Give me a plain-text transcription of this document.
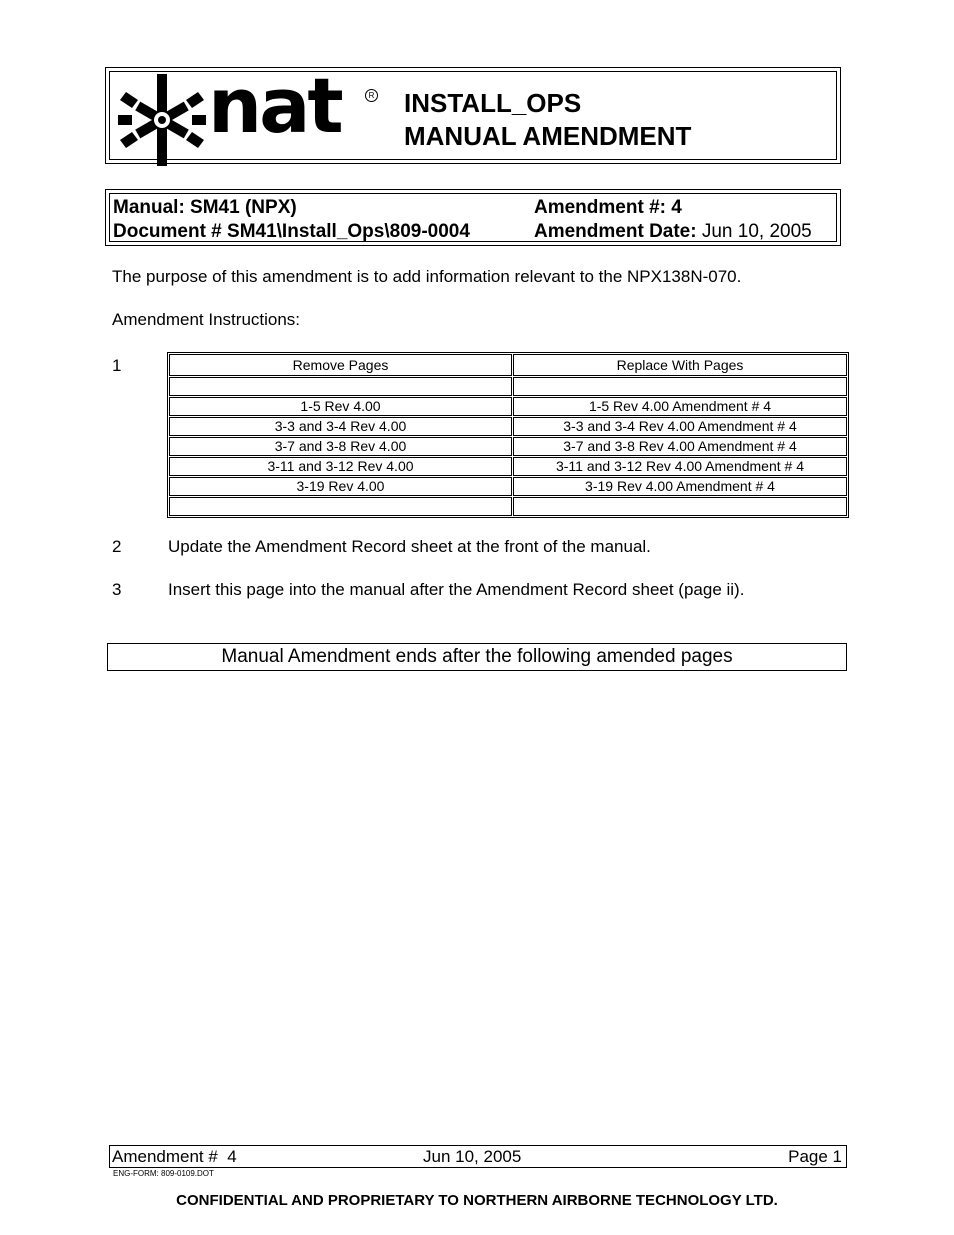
nat	R INSTALL_OPS
MANUAL AMENDMENT
Manual: SM41 (NPX)
Document # SM41\Install_Ops\809-0004
Amendment #: 4
Amendment Date: Jun 10, 2005
The purpose of this amendment is to add information relevant to the NPX138N-070.
Amendment Instructions:
1	Remove Pages	Replace With Pages

1-5 Rev 4.00	1-5 Rev 4.00 Amendment # 4
3-3 and 3-4 Rev 4.00	3-3 and 3-4 Rev 4.00 Amendment # 4
3-7 and 3-8 Rev 4.00	3-7 and 3-8 Rev 4.00 Amendment # 4
3-11 and 3-12 Rev 4.00	3-11 and 3-12 Rev 4.00 Amendment # 4
3-19 Rev 4.00	3-19 Rev 4.00 Amendment # 4

2	Update the Amendment Record sheet at the front of the manual.
3	Insert this page into the manual after the Amendment Record sheet (page ii).
Manual Amendment ends after the following amended pages
Amendment #  4	Jun 10, 2005	Page 1
ENG-FORM: 809-0109.DOT
CONFIDENTIAL AND PROPRIETARY TO NORTHERN AIRBORNE TECHNOLOGY LTD.
